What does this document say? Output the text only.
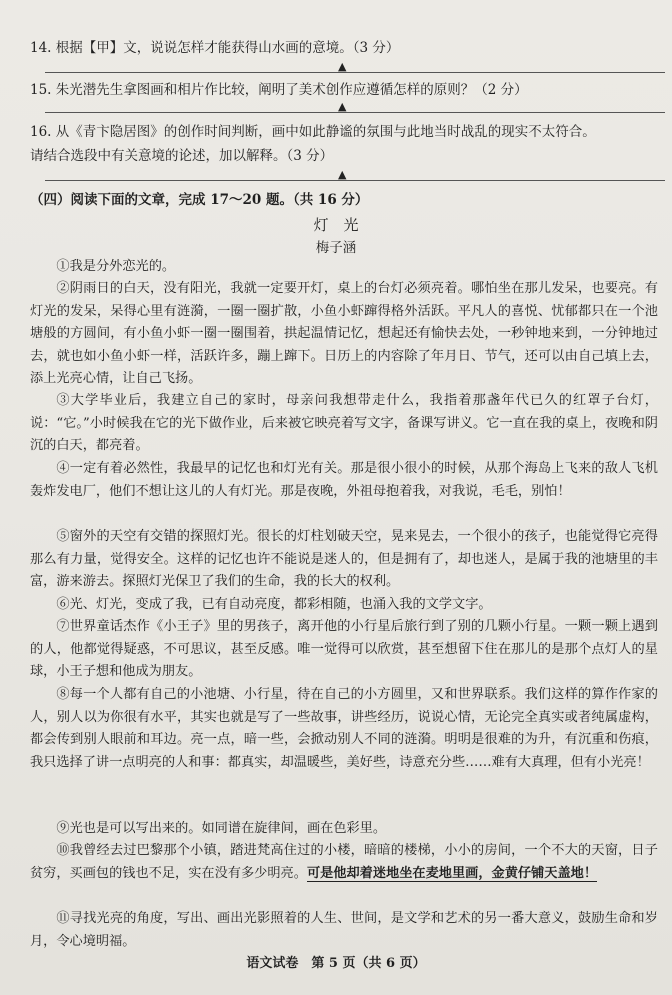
14. 根据【甲】文，说说怎样才能获得山水画的意境。（3 分）
▲
15. 朱光潜先生拿图画和相片作比较，阐明了美术创作应遵循怎样的原则？（2 分）
▲
16. 从《青卞隐居图》的创作时间判断，画中如此静谧的氛围与此地当时战乱的现实不太符合。
请结合选段中有关意境的论述，加以解释。（3 分）
▲
（四）阅读下面的文章，完成 17～20 题。（共 16 分）
灯　光
梅子涵
①我是分外恋光的。
②阴雨日的白天，没有阳光，我就一定要开灯，桌上的台灯必须亮着。哪怕坐在那儿发呆，也要亮。有灯光的发呆，呆得心里有涟漪，一圈一圈扩散，小鱼小虾蹿得格外活跃。平凡人的喜悦、忧郁都只在一个池塘般的方圆间，有小鱼小虾一圈一圈围着，拱起温情记忆，想起还有愉快去处，一秒钟地来到，一分钟地过去，就也如小鱼小虾一样，活跃许多，蹦上蹿下。日历上的内容除了年月日、节气，还可以由自己填上去，添上光亮心情，让自己飞扬。
③大学毕业后，我建立自己的家时，母亲问我想带走什么，我指着那盏年代已久的红罩子台灯，说：“它。”小时候我在它的光下做作业，后来被它映亮着写文字，备课写讲义。它一直在我的桌上，夜晚和阴沉的白天，都亮着。
④一定有着必然性，我最早的记忆也和灯光有关。那是很小很小的时候，从那个海岛上飞来的敌人飞机轰炸发电厂，他们不想让这儿的人有灯光。那是夜晚，外祖母抱着我，对我说，毛毛，别怕！
⑤窗外的天空有交错的探照灯光。很长的灯柱划破天空，晃来晃去，一个很小的孩子，也能觉得它亮得那么有力量，觉得安全。这样的记忆也许不能说是迷人的，但是拥有了，却也迷人，是属于我的池塘里的丰富，游来游去。探照灯光保卫了我们的生命，我的长大的权利。
⑥光、灯光，变成了我，已有自动亮度，都彩相随，也涌入我的文学文字。
⑦世界童话杰作《小王子》里的男孩子，离开他的小行星后旅行到了别的几颗小行星。一颗一颗上遇到的人，他都觉得疑惑，不可思议，甚至反感。唯一觉得可以欣赏，甚至想留下住在那儿的是那个点灯人的星球，小王子想和他成为朋友。
⑧每一个人都有自己的小池塘、小行星，待在自己的小方圆里，又和世界联系。我们这样的算作作家的人，别人以为你很有水平，其实也就是写了一些故事，讲些经历，说说心情，无论完全真实或者纯属虚构，都会传到别人眼前和耳边。亮一点，暗一些，会掀动别人不同的涟漪。明明是很难的为升，有沉重和伤痕，我只选择了讲一点明亮的人和事：都真实，却温暖些，美好些，诗意充分些……难有大真理，但有小光亮！
⑨光也是可以写出来的。如同谱在旋律间，画在色彩里。
⑩我曾经去过巴黎那个小镇，踏进梵高住过的小楼，暗暗的楼梯，小小的房间，一个不大的天窗，日子贫穷，买画包的钱也不足，实在没有多少明亮。可是他却着迷地坐在麦地里画，金黄仔铺天盖地！
⑪寻找光亮的角度，写出、画出光影照着的人生、世间，是文学和艺术的另一番大意义，鼓励生命和岁月，令心境明福。
语文试卷　第 5 页（共 6 页）
